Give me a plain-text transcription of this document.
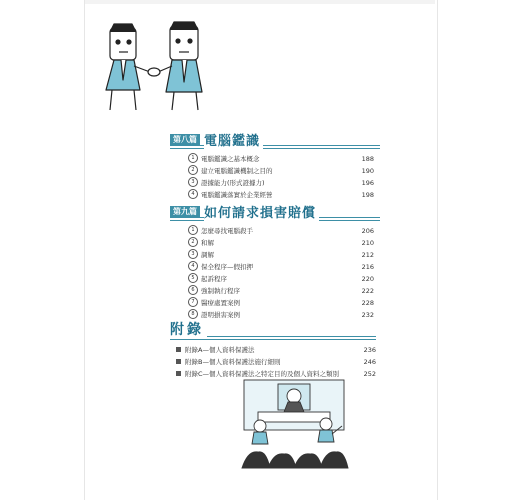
第八篇 電腦鑑識
1 電腦鑑識之基本概念	188
2 建立電腦鑑識機制之目的	190
3 證據能力(形式證據力)	196
4 電腦鑑識落實於企業經營	198
第九篇 如何請求損害賠償
1 怎麼尋找電腦殺手	206
2 和解	210
3 調解	212
4 保全程序—假扣押	216
5 起訴程序	220
6 強制執行程序	222
7 醫療處置案例	228
8 證明損害案例	232
附錄
附錄A—個人資料保護法	236
附錄B—個人資料保護法施行細則	246
附錄C—個人資料保護法之特定目的及個人資料之類別	252
